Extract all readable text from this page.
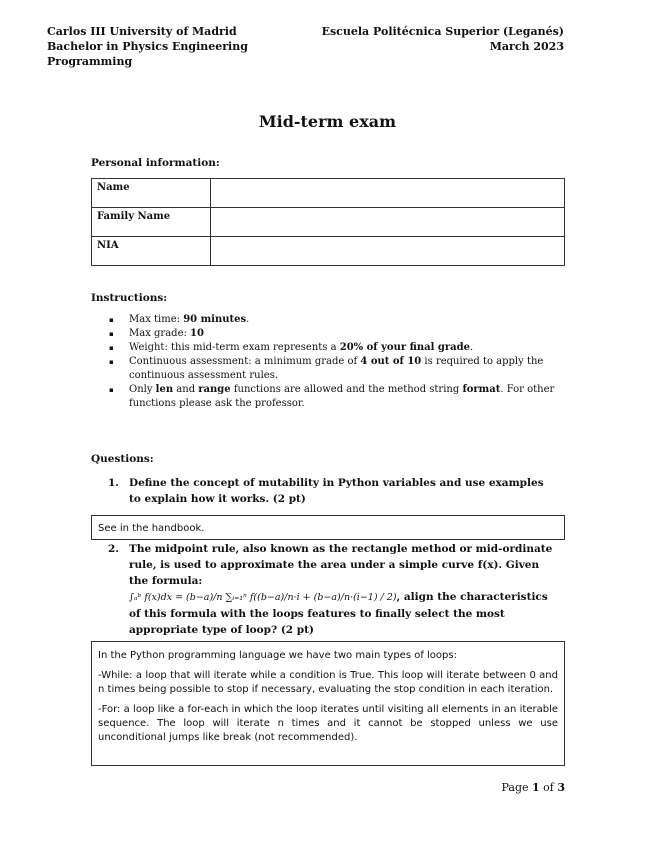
Carlos III University of Madrid
Bachelor in Physics Engineering
Programming
Escuela Politécnica Superior (Leganés)
March 2023
Mid-term exam
Personal information:
Name	
Family Name	
NIA	
Instructions:
▪ Max time: 90 minutes.
▪ Max grade: 10
▪ Weight: this mid-term exam represents a 20% of your final grade.
▪ Continuous assessment: a minimum grade of 4 out of 10 is required to apply the continuous assessment rules.
▪ Only len and range functions are allowed and the method string format. For other functions please ask the professor.
Questions:
1. Define the concept of mutability in Python variables and use examples to explain how it works. (2 pt)
See in the handbook.
2. The midpoint rule, also known as the rectangle method or mid-ordinate rule, is used to approximate the area under a simple curve f(x). Given the formula:
∫ₐᵇ f(x)dx = (b−a)/n ∑ᵢ₌₁ⁿ f((b−a)/n·i + (b−a)/n·(i−1) / 2), align the characteristics of this formula with the loops features to finally select the most appropriate type of loop? (2 pt)

In the Python programming language we have two main types of loops:

-While: a loop that will iterate while a condition is True. This loop will iterate between 0 and n times being possible to stop if necessary, evaluating the stop condition in each iteration.

-For: a loop like a for-each in which the loop iterates until visiting all elements in an iterable sequence. The loop will iterate n times and it cannot be stopped unless we use unconditional jumps like break (not recommended).

Page 1 of 3
